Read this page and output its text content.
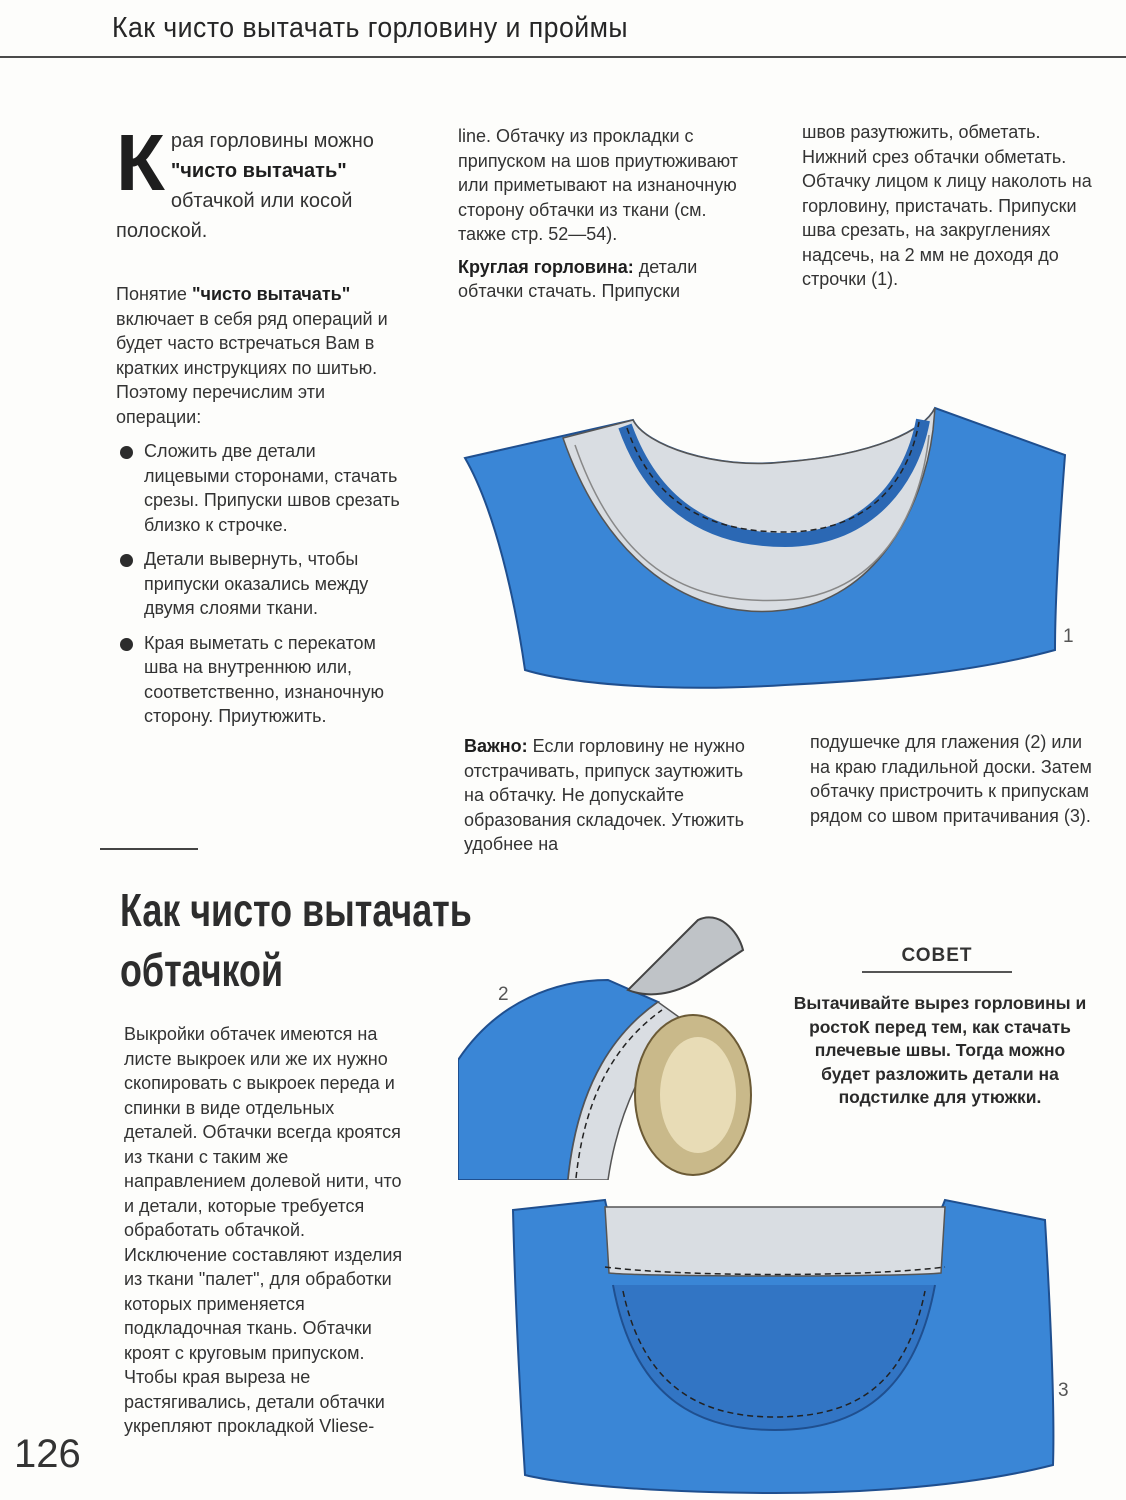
Как чисто вытачать горловину и проймы
Края горловины можно "чисто вытачать" обтачкой или косой полоской.
Понятие "чисто вытачать" включает в себя ряд операций и будет часто встречаться Вам в кратких инструкциях по шитью. Поэтому перечислим эти операции:
Сложить две детали лицевыми сторонами, стачать срезы. Припуски швов срезать близко к строчке.
Детали вывернуть, чтобы припуски оказались между двумя слоями ткани.
Края выметать с перекатом шва на внутреннюю или, соответственно, изнаночную сторону. Приутюжить.
line. Обтачку из прокладки с припуском на шов приутюживают или приметывают на изнаночную сторону обтачки из ткани (см. также стр. 52—54).
Круглая горловина: детали обтачки стачать. Припуски
швов разутюжить, обметать. Нижний срез обтачки обметать. Обтачку лицом к лицу наколоть на горловину, пристачать. Припуски шва срезать, на закруглениях надсечь, на 2 мм не доходя до строчки (1).
1
Важно: Если горловину не нужно отстрачивать, припуск заутюжить на обтачку. Не допускайте образования складочек. Утюжить удобнее на
подушечке для глажения (2) или на краю гладильной доски. Затем обтачку пристрочить к припускам рядом со швом притачивания (3).
Как чисто вытачать
обтачкой
Выкройки обтачек имеются на листе выкроек или же их нужно скопировать с выкроек переда и спинки в виде отдельных деталей. Обтачки всегда кроятся из ткани с таким же направлением долевой нити, что и детали, которые требуется обработать обтачкой. Исключение составляют изделия из ткани "палет", для обработки которых применяется подкладочная ткань. Обтачки кроят с круговым припуском. Чтобы края выреза не растягивались, детали обтачки укрепляют прокладкой Vliese-
126
2
СОВЕТ
Вытачивайте вырез горловины и ростоК перед тем, как стачать плечевые швы. Тогда можно будет разложить детали на подстилке для утюжки.
3
